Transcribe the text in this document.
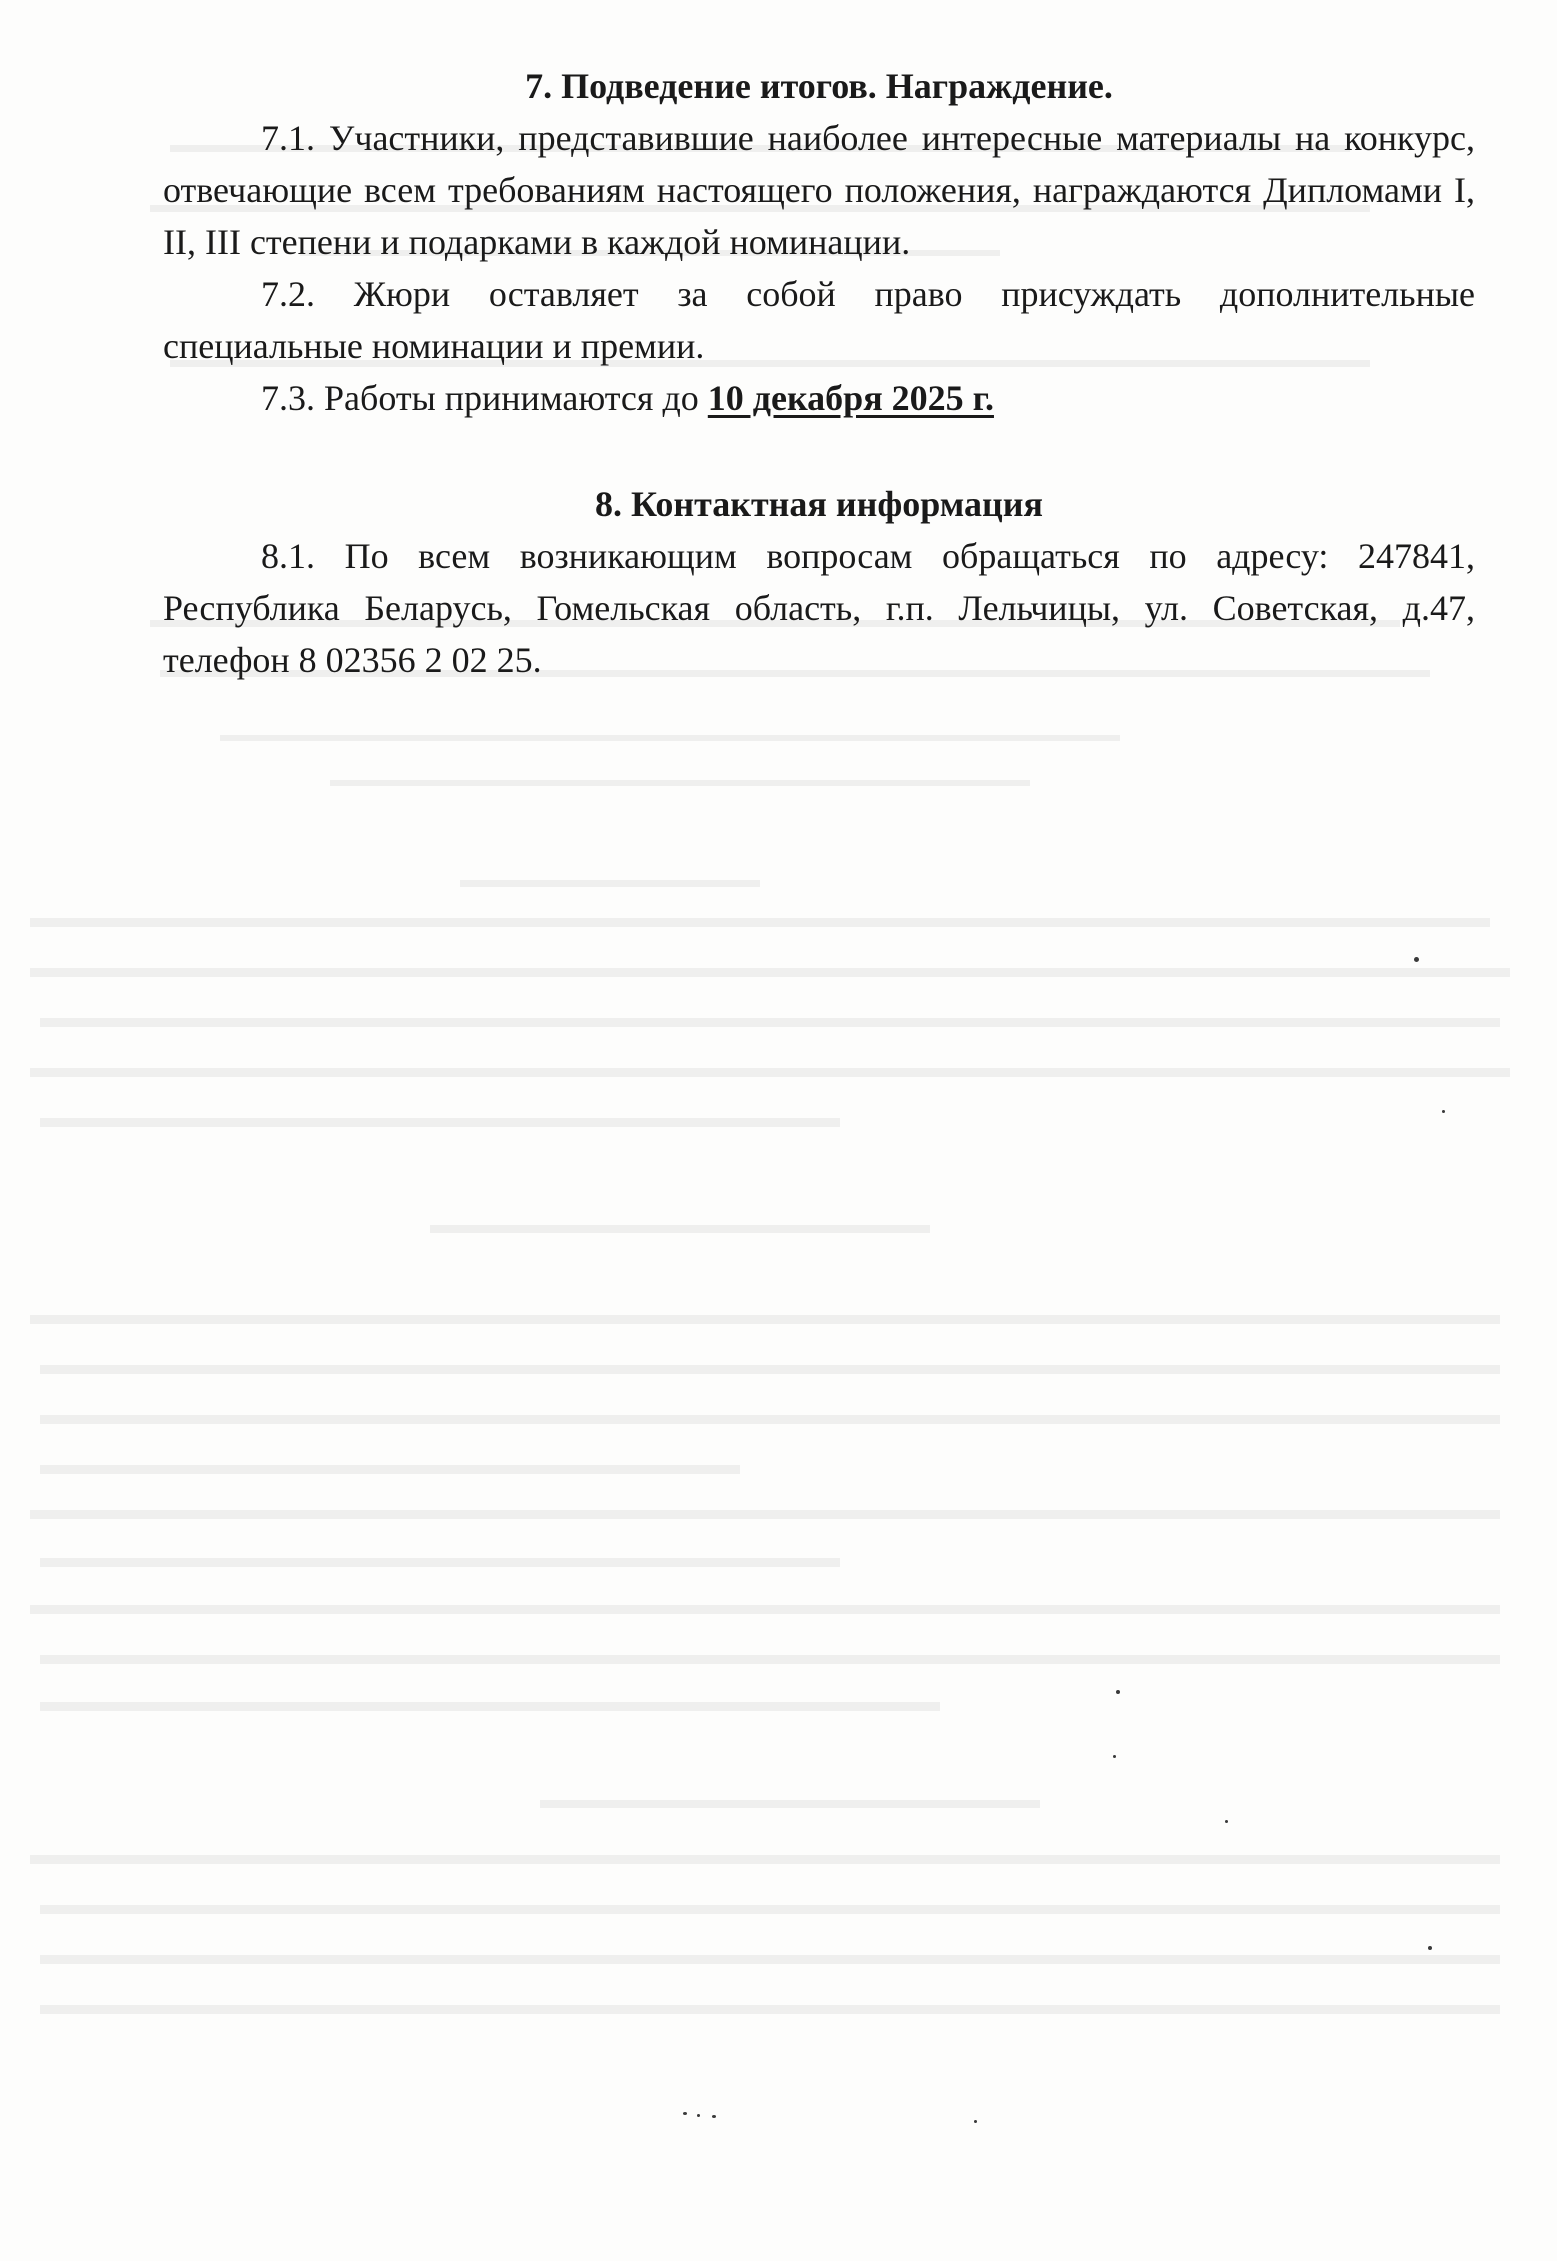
7. Подведение итогов. Награждение.

7.1. Участники, представившие наиболее интересные материалы на конкурс, отвечающие всем требованиям настоящего положения, награждаются Дипломами I, II, III степени и подарками в каждой номинации.

7.2. Жюри оставляет за собой право присуждать дополнительные специальные номинации и премии.

7.3. Работы принимаются до 10 декабря 2025 г.

8. Контактная информация

8.1. По всем возникающим вопросам обращаться по адресу: 247841, Республика Беларусь, Гомельская область, г.п. Лельчицы, ул. Советская, д.47, телефон 8 02356 2 02 25.
